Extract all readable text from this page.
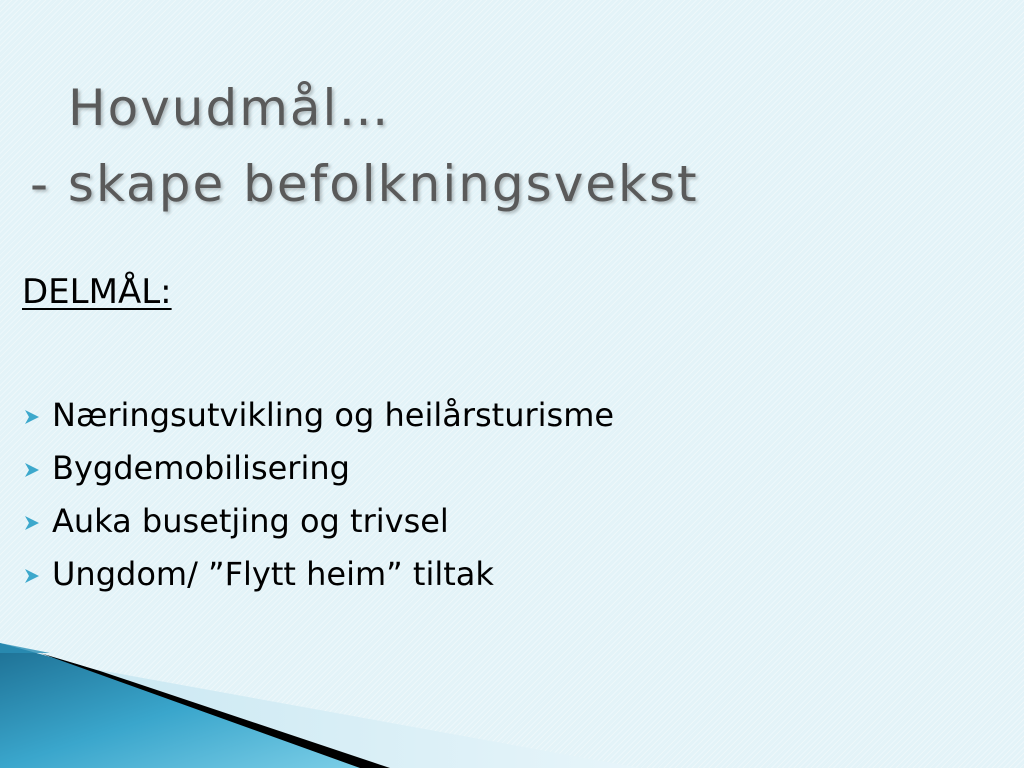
Hovudmål…
- skape befolkningsvekst
DELMÅL:
Næringsutvikling og heilårsturisme
Bygdemobilisering
Auka busetjing og trivsel
Ungdom/ ”Flytt heim” tiltak
